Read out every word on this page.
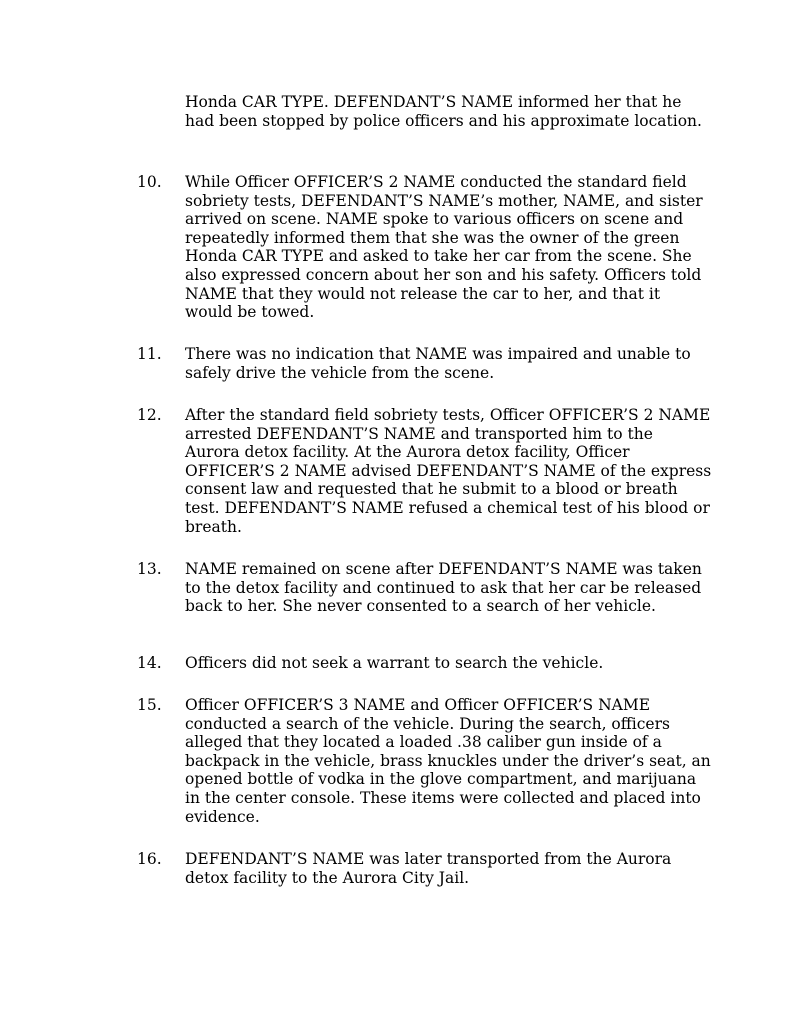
Honda CAR TYPE. DEFENDANT’S NAME informed her that he had been stopped by police officers and his approximate location.
10.	While Officer OFFICER’S 2 NAME conducted the standard field sobriety tests, DEFENDANT’S NAME’s mother, NAME, and sister arrived on scene. NAME spoke to various officers on scene and repeatedly informed them that she was the owner of the green Honda CAR TYPE and asked to take her car from the scene. She also expressed concern about her son and his safety. Officers told NAME that they would not release the car to her, and that it would be towed.
11.	There was no indication that NAME was impaired and unable to safely drive the vehicle from the scene.
12.	After the standard field sobriety tests, Officer OFFICER’S 2 NAME arrested DEFENDANT’S NAME and transported him to the Aurora detox facility. At the Aurora detox facility, Officer OFFICER’S 2 NAME advised DEFENDANT’S NAME of the express consent law and requested that he submit to a blood or breath test. DEFENDANT’S NAME refused a chemical test of his blood or breath.
13.	NAME remained on scene after DEFENDANT’S NAME was taken to the detox facility and continued to ask that her car be released back to her. She never consented to a search of her vehicle.
14.	Officers did not seek a warrant to search the vehicle.
15.	Officer OFFICER’S 3 NAME and Officer OFFICER’S NAME conducted a search of the vehicle. During the search, officers alleged that they located a loaded .38 caliber gun inside of a backpack in the vehicle, brass knuckles under the driver’s seat, an opened bottle of vodka in the glove compartment, and marijuana in the center console. These items were collected and placed into evidence.
16.	DEFENDANT’S NAME was later transported from the Aurora detox facility to the Aurora City Jail.
